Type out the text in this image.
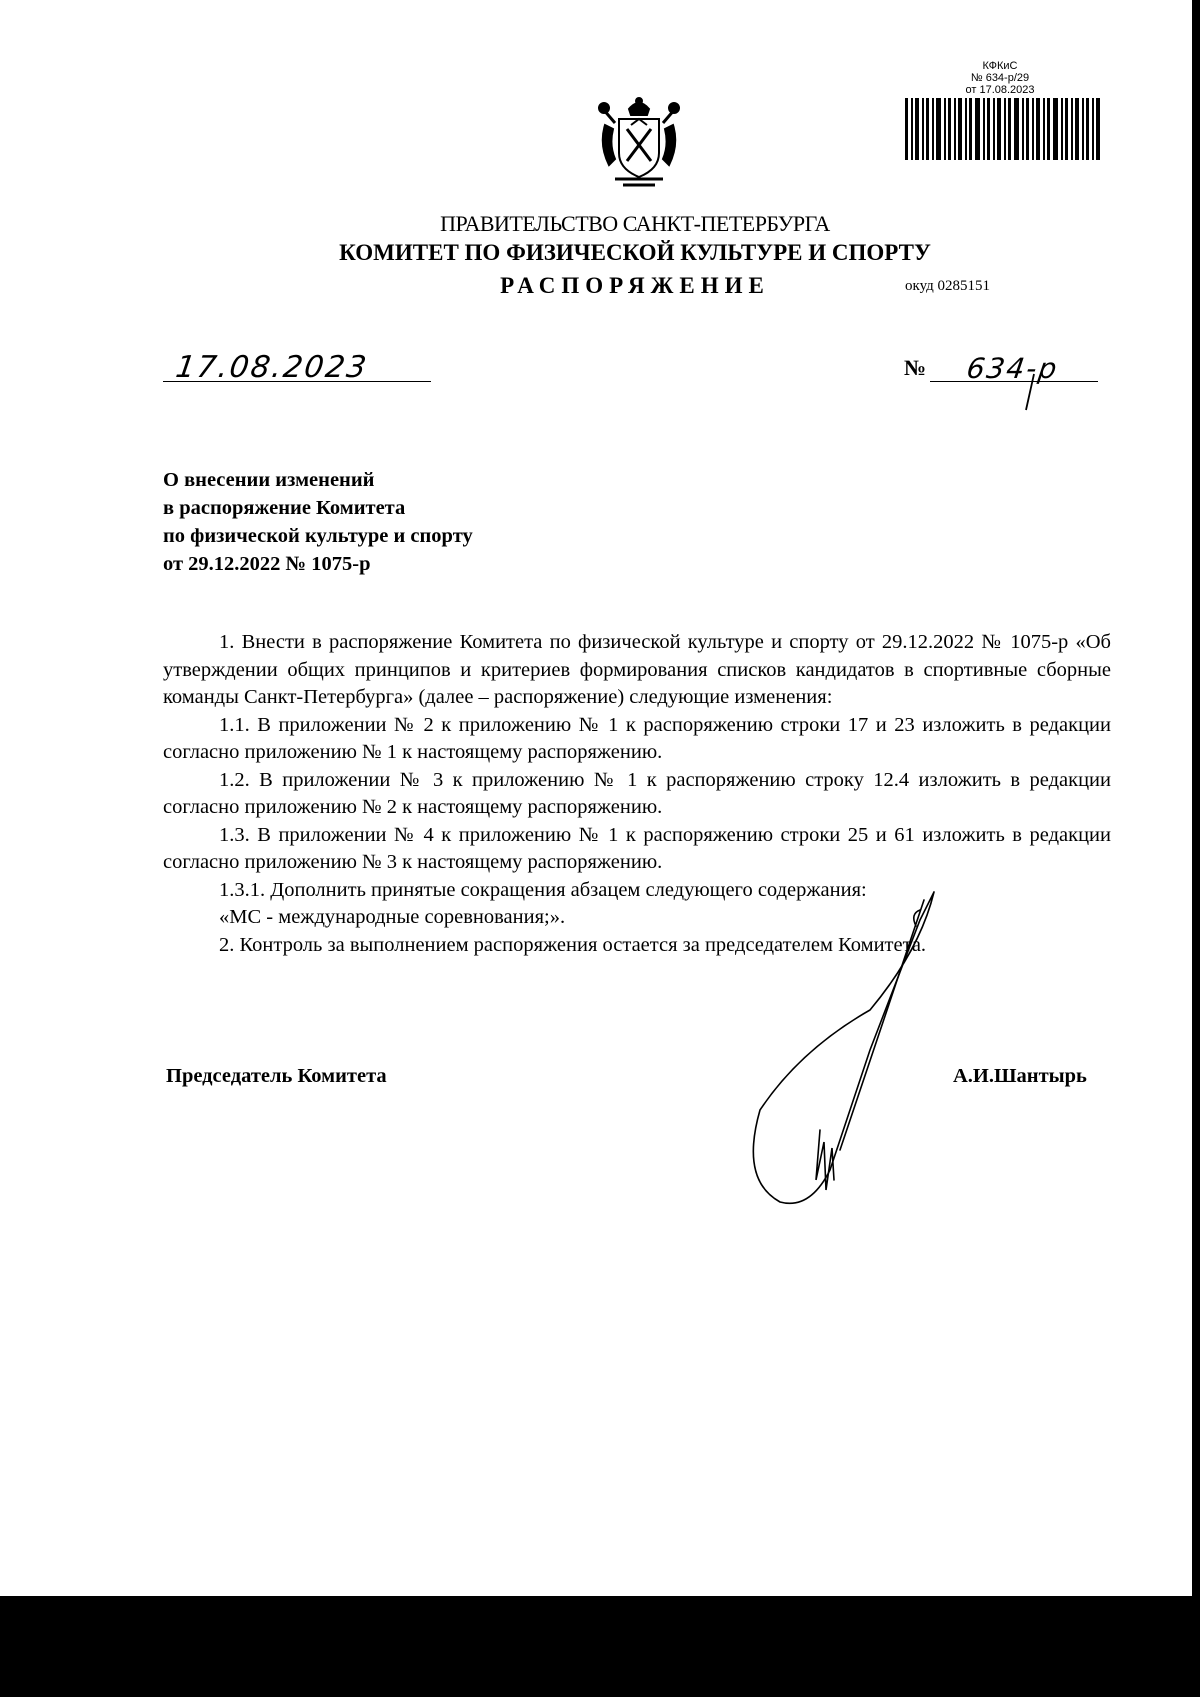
КФКиС
№ 634-р/29
от 17.08.2023
ПРАВИТЕЛЬСТВО САНКТ-ПЕТЕРБУРГА
КОМИТЕТ ПО ФИЗИЧЕСКОЙ КУЛЬТУРЕ И СПОРТУ
РАСПОРЯЖЕНИЕ	окуд 0285151
17.08.2023	№ 634-р
О внесении изменений
в распоряжение Комитета
по физической культуре и спорту
от 29.12.2022 № 1075-р

1. Внести в распоряжение Комитета по физической культуре и спорту от 29.12.2022 № 1075-р «Об утверждении общих принципов и критериев формирования списков кандидатов в спортивные сборные команды Санкт-Петербурга» (далее – распоряжение) следующие изменения:

1.1. В приложении № 2 к приложению № 1 к распоряжению строки 17 и 23 изложить в редакции согласно приложению № 1 к настоящему распоряжению.

1.2. В приложении № 3 к приложению № 1 к распоряжению строку 12.4 изложить в редакции согласно приложению № 2 к настоящему распоряжению.

1.3. В приложении № 4 к приложению № 1 к распоряжению строки 25 и 61 изложить в редакции согласно приложению № 3 к настоящему распоряжению.

1.3.1. Дополнить принятые сокращения абзацем следующего содержания:

«МС - международные соревнования;».

2. Контроль за выполнением распоряжения остается за председателем Комитета.

Председатель Комитета	А.И.Шантырь
